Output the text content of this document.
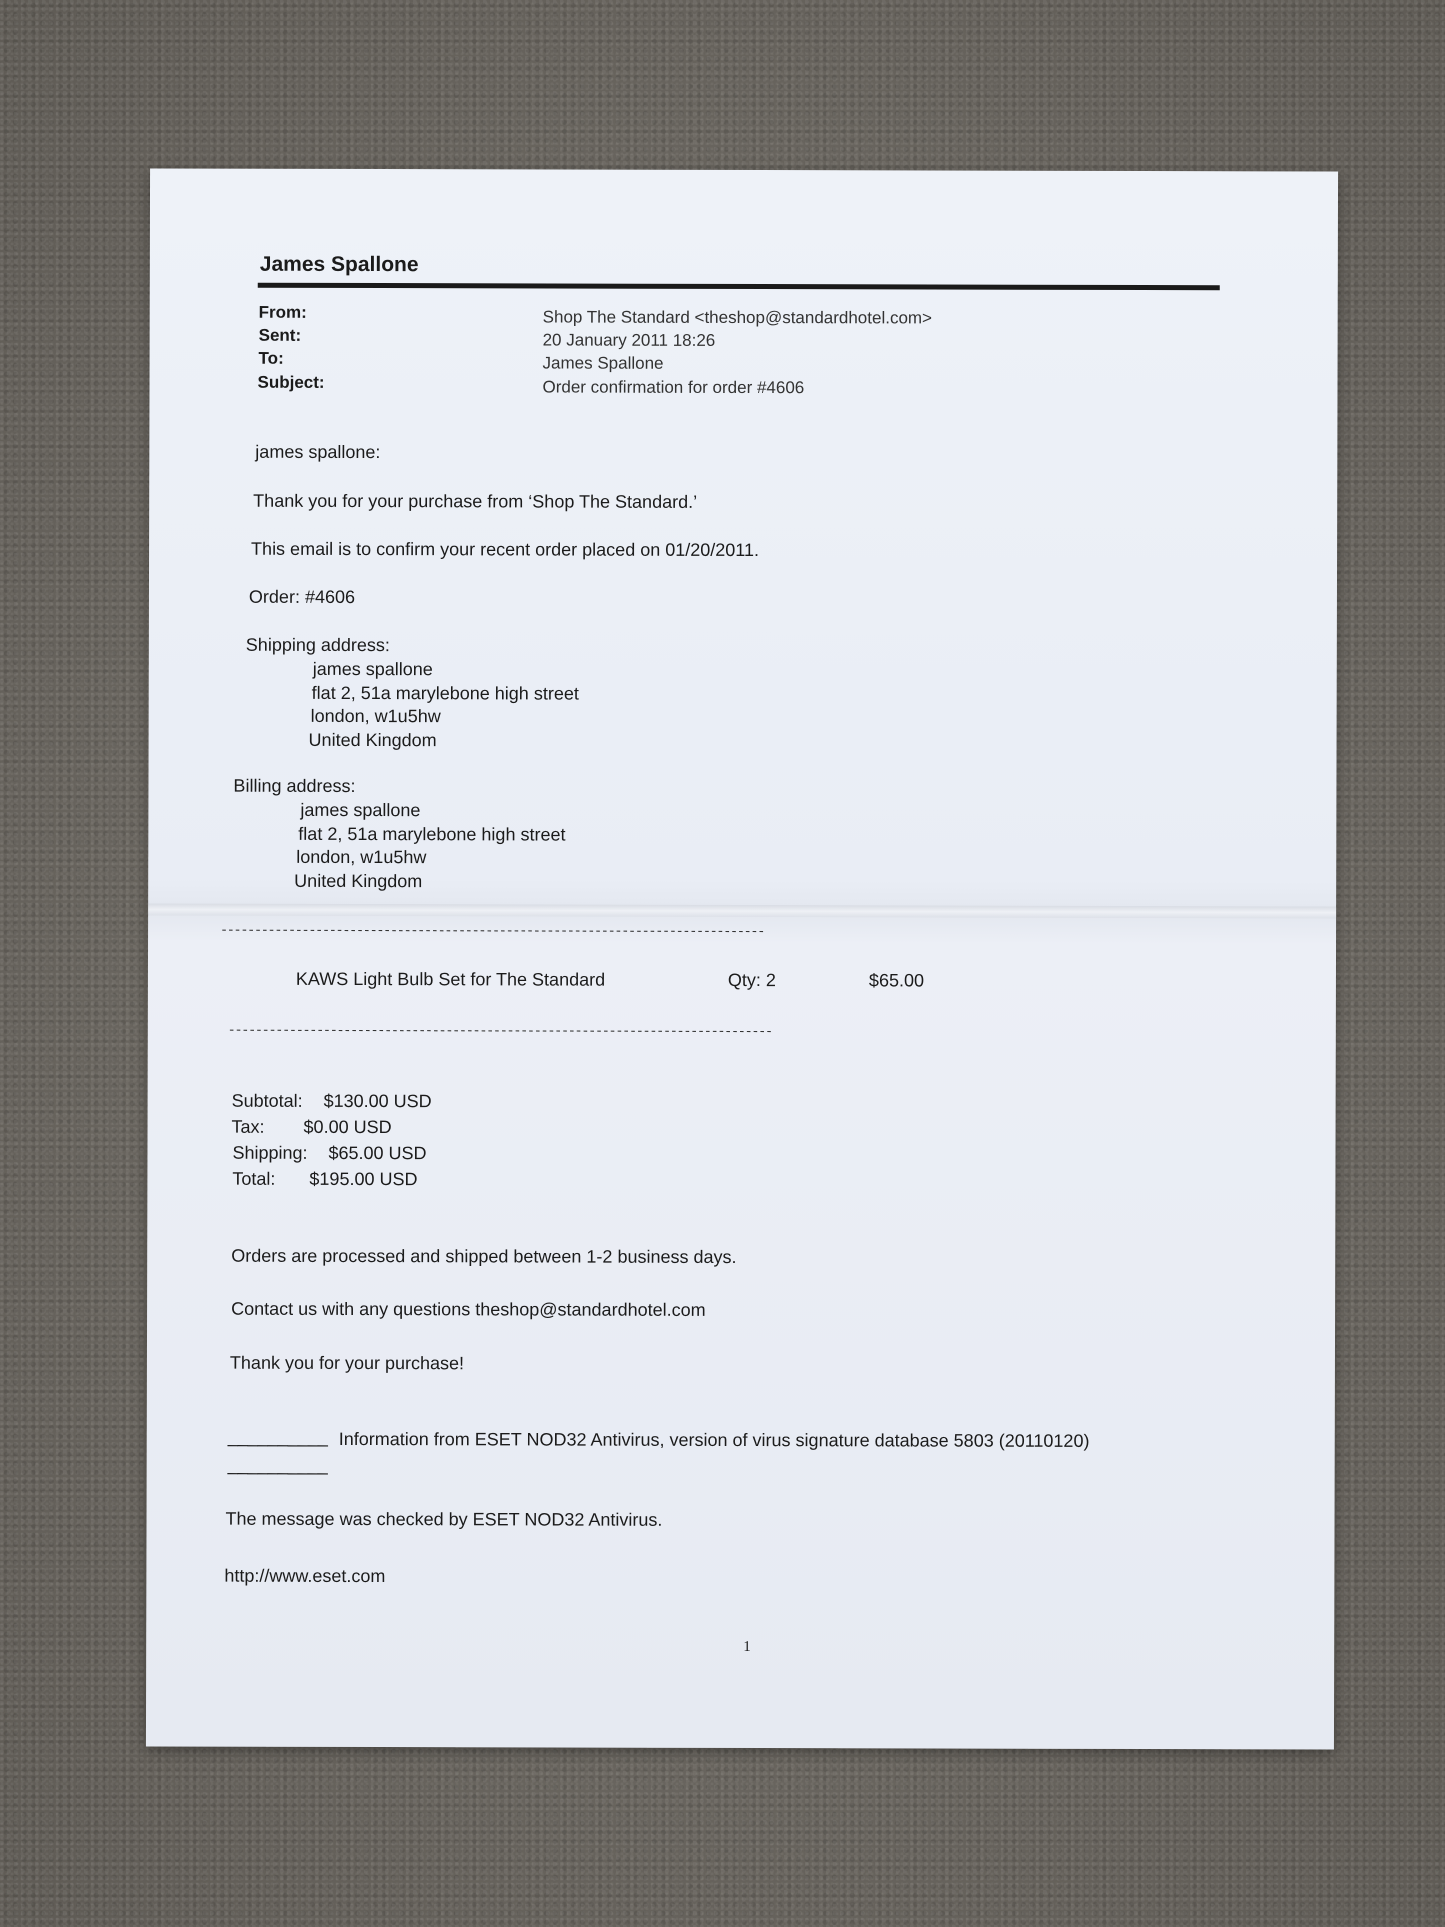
James Spallone
From:	Shop The Standard <theshop@standardhotel.com>
Sent:	20 January 2011 18:26
To:	James Spallone
Subject:	Order confirmation for order #4606
james spallone:
Thank you for your purchase from ‘Shop The Standard.’
This email is to confirm your recent order placed on 01/20/2011.
Order: #4606
Shipping address:
james spallone
flat 2, 51a marylebone high street
london, w1u5hw
United Kingdom
Billing address:
james spallone
flat 2, 51a marylebone high street
london, w1u5hw
United Kingdom
--------------------------------------------------------------------------------
KAWS Light Bulb Set for The Standard	Qty: 2	$65.00
--------------------------------------------------------------------------------
Subtotal: $130.00 USD
Tax: $0.00 USD
Shipping: $65.00 USD
Total: $195.00 USD
Orders are processed and shipped between 1-2 business days.
Contact us with any questions theshop@standardhotel.com
Thank you for your purchase!
__________ Information from ESET NOD32 Antivirus, version of virus signature database 5803 (20110120)
__________
The message was checked by ESET NOD32 Antivirus.
http://www.eset.com
1
